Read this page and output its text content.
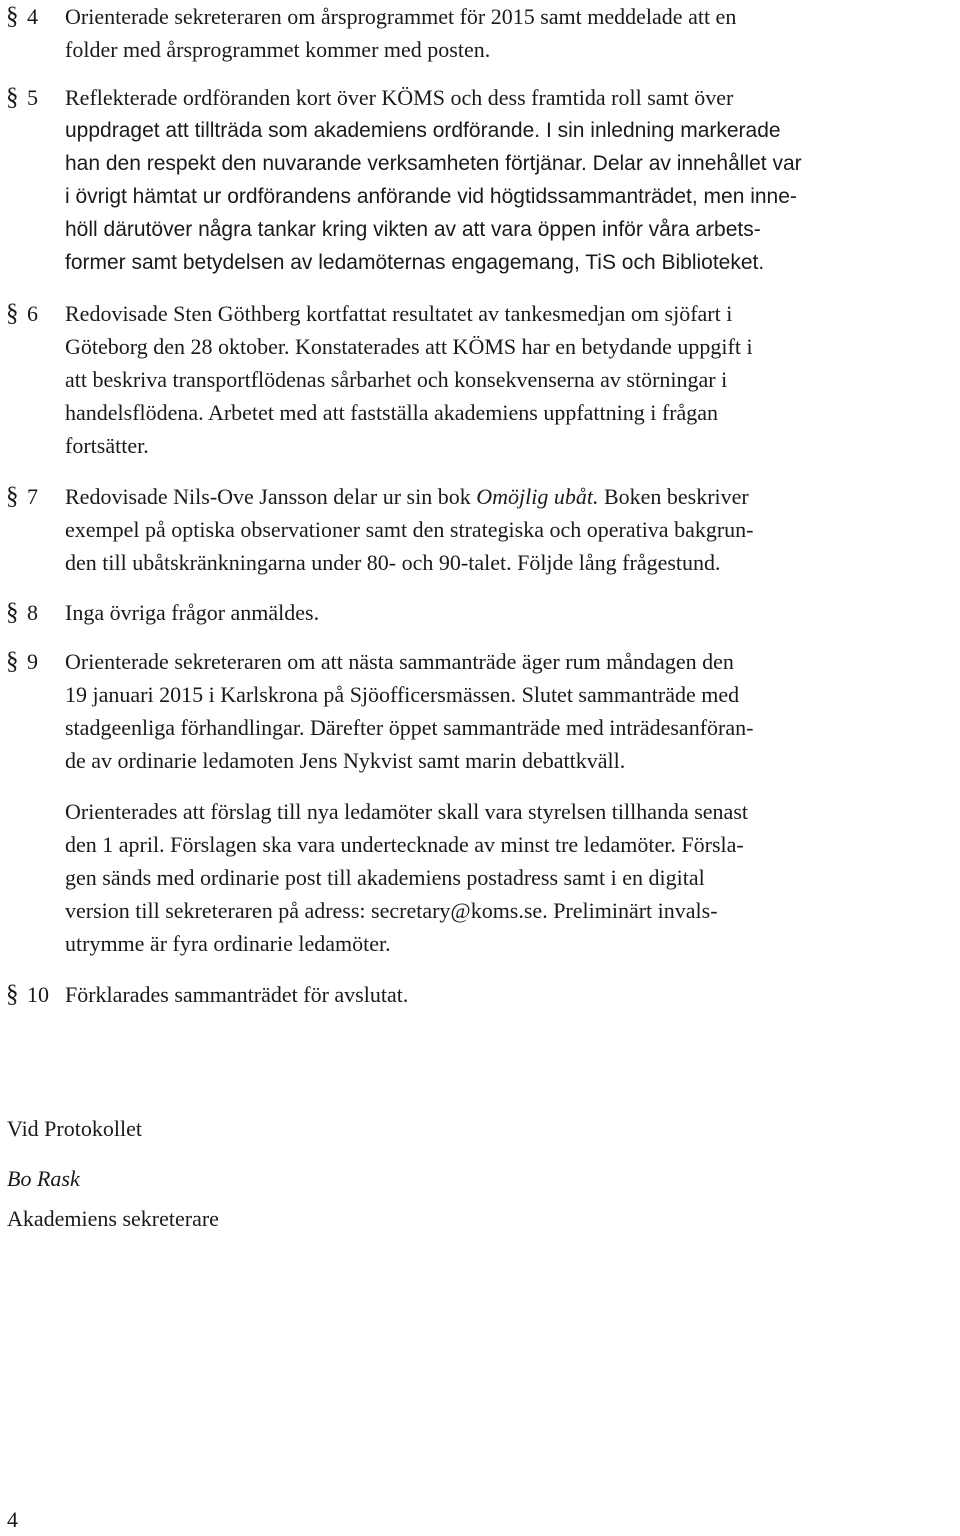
§ 4 Orienterade sekreteraren om årsprogrammet för 2015 samt meddelade att en
folder med årsprogrammet kommer med posten.
§ 5 Reflekterade ordföranden kort över KÖMS och dess framtida roll samt över
uppdraget att tillträda som akademiens ordförande. I sin inledning markerade
han den respekt den nuvarande verksamheten förtjänar. Delar av innehållet var
i övrigt hämtat ur ordförandens anförande vid högtidssammanträdet, men inne-
höll därutöver några tankar kring vikten av att vara öppen inför våra arbets-
former samt betydelsen av ledamöternas engagemang, TiS och Biblioteket.
§ 6 Redovisade Sten Göthberg kortfattat resultatet av tankesmedjan om sjöfart i
Göteborg den 28 oktober. Konstaterades att KÖMS har en betydande uppgift i
att beskriva transportflödenas sårbarhet och konsekvenserna av störningar i
handelsflödena. Arbetet med att fastställa akademiens uppfattning i frågan
fortsätter.
§ 7 Redovisade Nils-Ove Jansson delar ur sin bok Omöjlig ubåt. Boken beskriver
exempel på optiska observationer samt den strategiska och operativa bakgrun-
den till ubåtskränkningarna under 80- och 90-talet. Följde lång frågestund.
§ 8 Inga övriga frågor anmäldes.
§ 9 Orienterade sekreteraren om att nästa sammanträde äger rum måndagen den
19 januari 2015 i Karlskrona på Sjöofficersmässen. Slutet sammanträde med
stadgeenliga förhandlingar. Därefter öppet sammanträde med inträdesanföran-
de av ordinarie ledamoten Jens Nykvist samt marin debattkväll.
Orienterades att förslag till nya ledamöter skall vara styrelsen tillhanda senast
den 1 april. Förslagen ska vara undertecknade av minst tre ledamöter. Försla-
gen sänds med ordinarie post till akademiens postadress samt i en digital
version till sekreteraren på adress: secretary@koms.se. Preliminärt invals-
utrymme är fyra ordinarie ledamöter.
§ 10 Förklarades sammanträdet för avslutat.
Vid Protokollet
Bo Rask
Akademiens sekreterare
4
